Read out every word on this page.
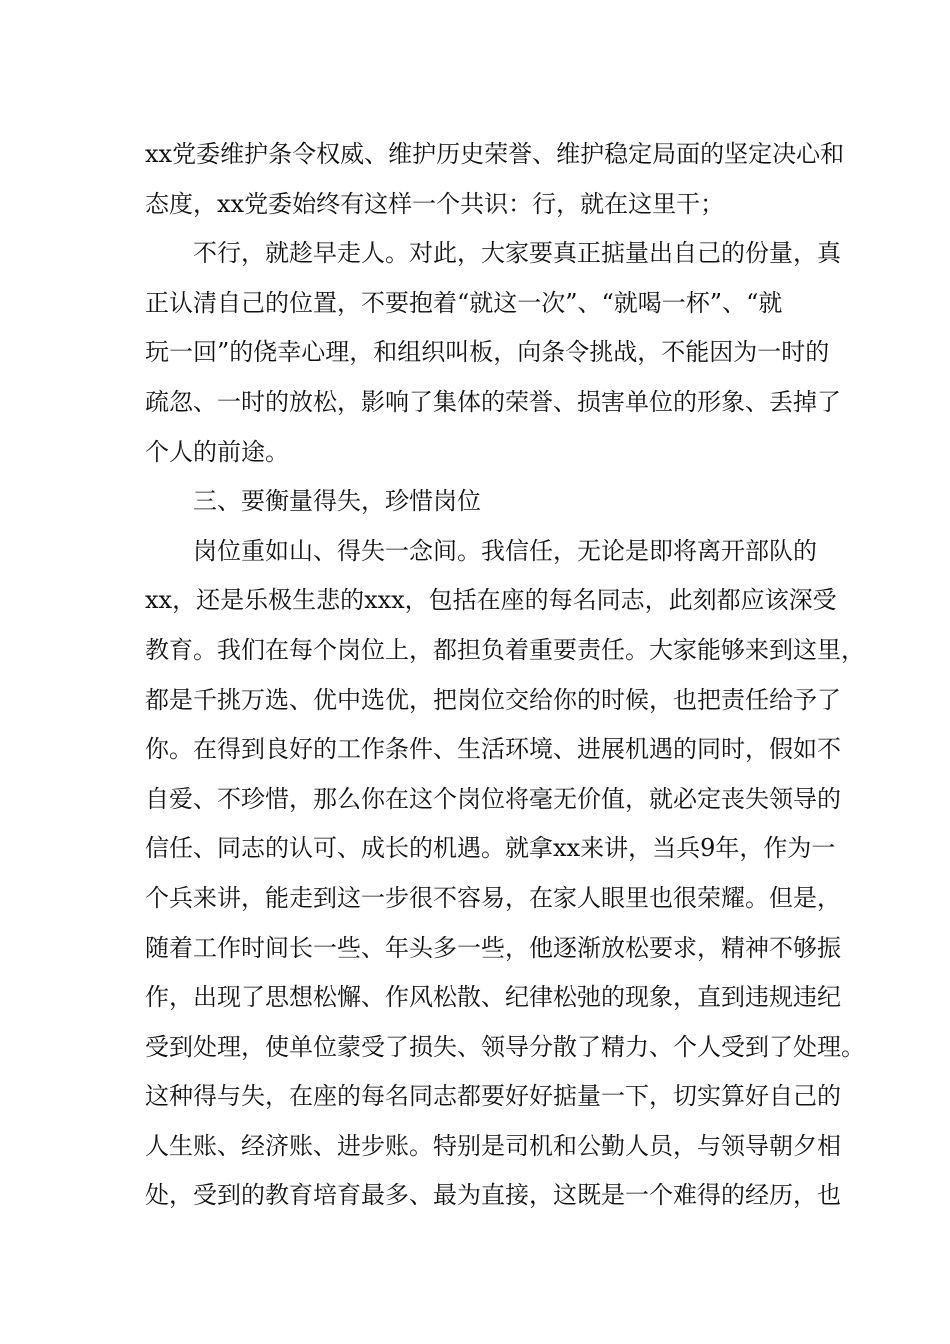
xx党委维护条令权威、维护历史荣誉、维护稳定局面的坚定决心和
态度，xx党委始终有这样一个共识：行，就在这里干；
不行，就趁早走人。对此，大家要真正掂量出自己的份量，真
正认清自己的位置，不要抱着“就这一次”、“就喝一杯”、“就
玩一回”的侥幸心理，和组织叫板，向条令挑战，不能因为一时的
疏忽、一时的放松，影响了集体的荣誉、损害单位的形象、丢掉了
个人的前途。
三、要衡量得失，珍惜岗位
岗位重如山、得失一念间。我信任，无论是即将离开部队的
xx，还是乐极生悲的xxx，包括在座的每名同志，此刻都应该深受
教育。我们在每个岗位上，都担负着重要责任。大家能够来到这里，
都是千挑万选、优中选优，把岗位交给你的时候，也把责任给予了
你。在得到良好的工作条件、生活环境、进展机遇的同时，假如不
自爱、不珍惜，那么你在这个岗位将毫无价值，就必定丧失领导的
信任、同志的认可、成长的机遇。就拿xx来讲，当兵9年，作为一
个兵来讲，能走到这一步很不容易，在家人眼里也很荣耀。但是，
随着工作时间长一些、年头多一些，他逐渐放松要求，精神不够振
作，出现了思想松懈、作风松散、纪律松弛的现象，直到违规违纪
受到处理，使单位蒙受了损失、领导分散了精力、个人受到了处理。
这种得与失，在座的每名同志都要好好掂量一下，切实算好自己的
人生账、经济账、进步账。特别是司机和公勤人员，与领导朝夕相
处，受到的教育培育最多、最为直接，这既是一个难得的经历，也
